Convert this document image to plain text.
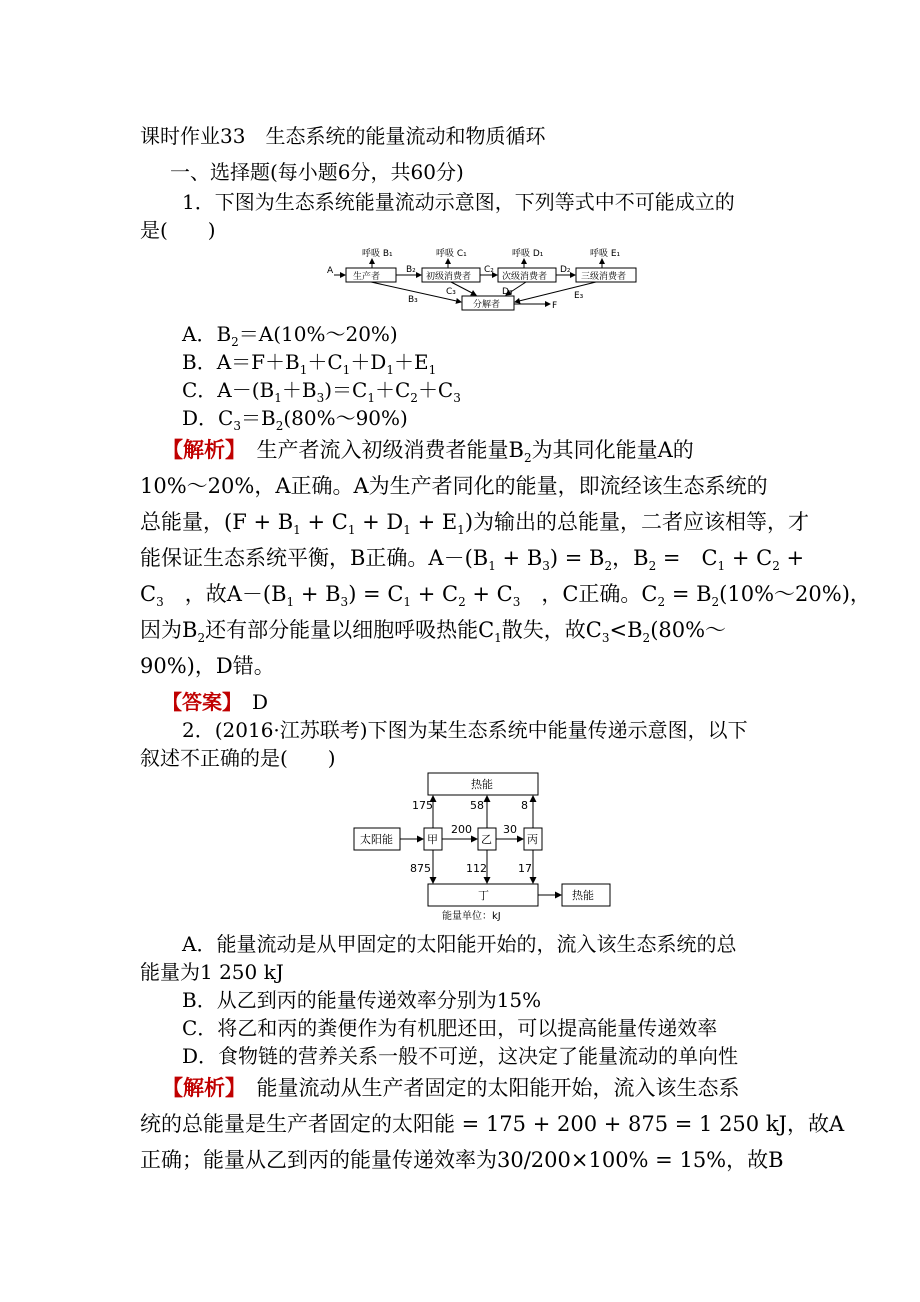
课时作业33　生态系统的能量流动和物质循环
一、选择题(每小题6分，共60分)
1．下图为生态系统能量流动示意图，下列等式中不可能成立的
是(　　)
呼吸 B₁	呼吸 C₁	呼吸 D₁	呼吸 E₁
A
生产者	初级消费者	次级消费者	三级消费者
分解者
B₂	C₂	D₂
B₃
C₃	D₃	E₃
F
A．$B_2=A(10\%\sim 20\%)$
B．$A=F+B_1+C_1+D_1+E_1$
C．$A-(B_1+B_3)=C_1+C_2+C_3$
D．$C_3=B_2(80\%\sim 90\%)$
【解析】　 生产者流入初级消费者能量$B_2$为其同化能量A的
10%～20%，A正确。A为生产者同化的能量，即流经该生态系统的
总能量，$(F + B_1 + C_1 + D_1 + E_1)$为输出的总能量，二者应该相等，才
能保证生态系统平衡，B正确。$A-(B_1 + B_3) = B_2$，$B_2$ =　$C_1 + C_2$ +
$C_3$　，故$A-(B_1 + B_3) = C_1 + C_2 + C_3$　，C正确。$C_2$ = $B_2(10\%\sim 20\%)$，
因为$B_2$还有部分能量以细胞呼吸热能$C_1$散失，故$C_3<B_2(80\%\sim$
90%)，D错。
【答案】　 D
2．(2016·江苏联考)下图为某生态系统中能量传递示意图，以下
叙述不正确的是(　　)
热能
太阳能	甲	乙	丙
丁	热能
175	58	8
200	30
875	112	17
能量单位：kJ
A．能量流动是从甲固定的太阳能开始的，流入该生态系统的总
能量为1 250 kJ
B．从乙到丙的能量传递效率分别为15%
C．将乙和丙的粪便作为有机肥还田，可以提高能量传递效率
D．食物链的营养关系一般不可逆，这决定了能量流动的单向性
【解析】　 能量流动从生产者固定的太阳能开始，流入该生态系
统的总能量是生产者固定的太阳能 = 175 + 200 + 875 = 1 250 kJ，故A
正确；能量从乙到丙的能量传递效率为30/200×100% = 15%，故B
